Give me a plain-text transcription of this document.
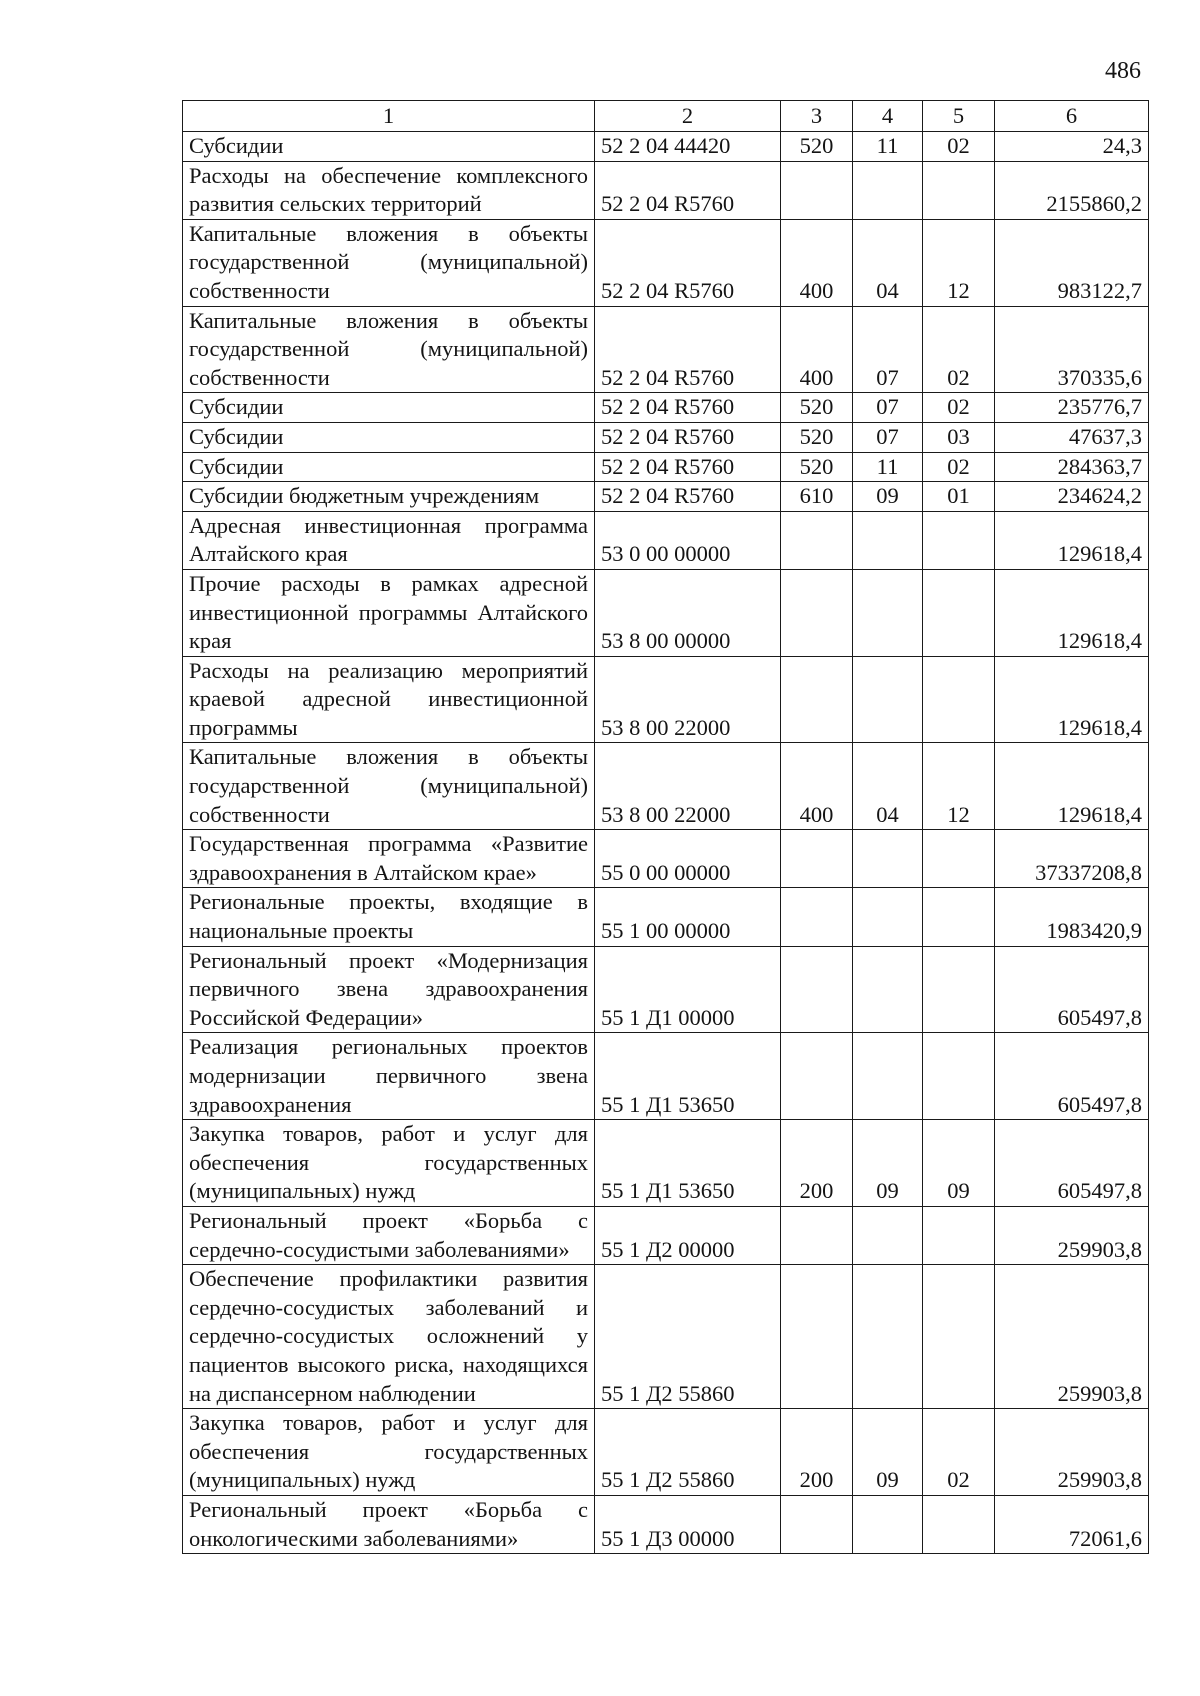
486
1	2	3	4	5	6
Субсидии	52 2 04 44420	520	11	02	24,3
Расходы на обеспечение комплексного развития сельских территорий	52 2 04 R5760				2155860,2
Капитальные вложения в объекты государственной (муниципальной) собственности	52 2 04 R5760	400	04	12	983122,7
Капитальные вложения в объекты государственной (муниципальной) собственности	52 2 04 R5760	400	07	02	370335,6
Субсидии	52 2 04 R5760	520	07	02	235776,7
Субсидии	52 2 04 R5760	520	07	03	47637,3
Субсидии	52 2 04 R5760	520	11	02	284363,7
Субсидии бюджетным учреждениям	52 2 04 R5760	610	09	01	234624,2
Адресная инвестиционная программа Алтайского края	53 0 00 00000				129618,4
Прочие расходы в рамках адресной инвестиционной программы Алтайского края	53 8 00 00000				129618,4
Расходы на реализацию мероприятий краевой адресной инвестиционной программы	53 8 00 22000				129618,4
Капитальные вложения в объекты государственной (муниципальной) собственности	53 8 00 22000	400	04	12	129618,4
Государственная программа «Развитие здравоохранения в Алтайском крае»	55 0 00 00000				37337208,8
Региональные проекты, входящие в национальные проекты	55 1 00 00000				1983420,9
Региональный проект «Модернизация первичного звена здравоохранения Российской Федерации»	55 1 Д1 00000				605497,8
Реализация региональных проектов модернизации первичного звена здравоохранения	55 1 Д1 53650				605497,8
Закупка товаров, работ и услуг для обеспечения государственных (муниципальных) нужд	55 1 Д1 53650	200	09	09	605497,8
Региональный проект «Борьба с сердечно-сосудистыми заболеваниями»	55 1 Д2 00000				259903,8
Обеспечение профилактики развития сердечно-сосудистых заболеваний и сердечно-сосудистых осложнений у пациентов высокого риска, находящихся на диспансерном наблюдении	55 1 Д2 55860				259903,8
Закупка товаров, работ и услуг для обеспечения государственных (муниципальных) нужд	55 1 Д2 55860	200	09	02	259903,8
Региональный проект «Борьба с онкологическими заболеваниями»	55 1 Д3 00000				72061,6
